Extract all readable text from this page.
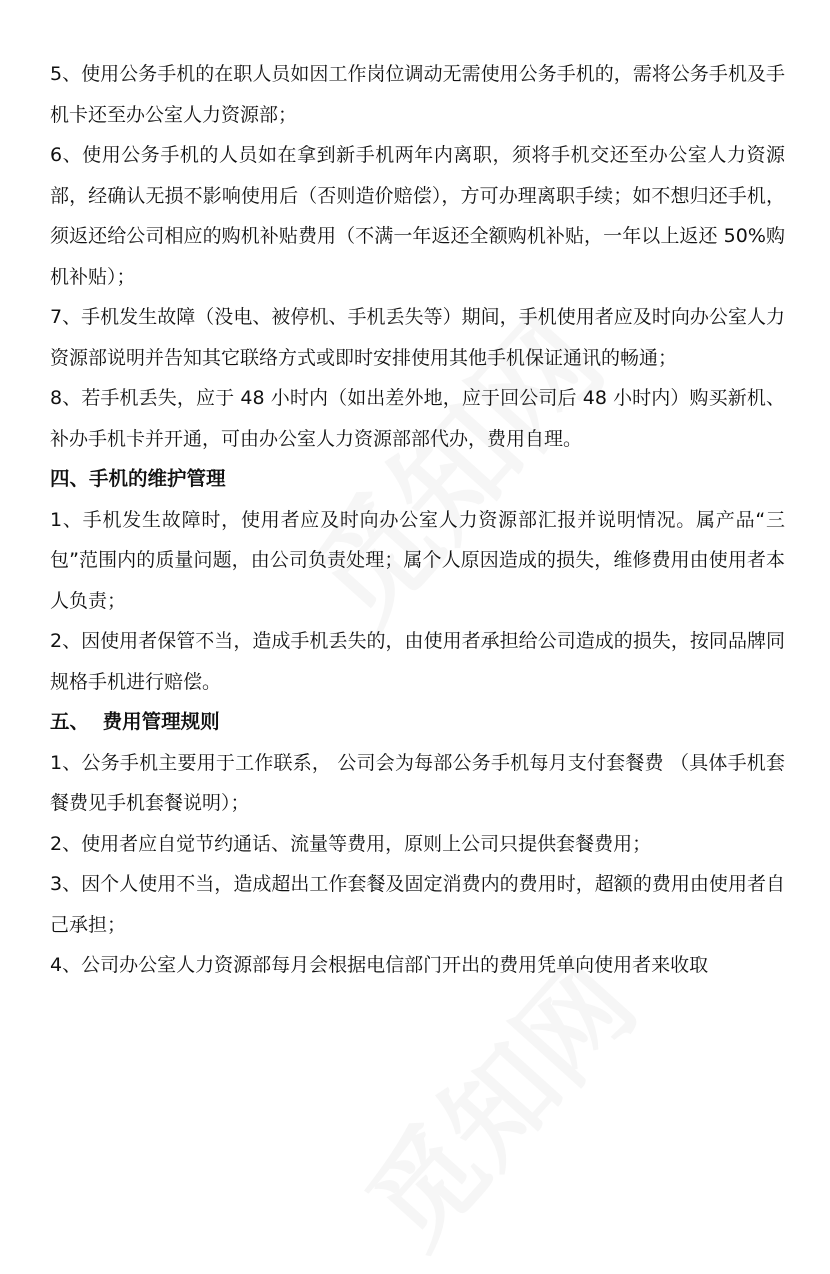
5、使用公务手机的在职人员如因工作岗位调动无需使用公务手机的，需将公务手机及手机卡还至办公室人力资源部；

6、使用公务手机的人员如在拿到新手机两年内离职，须将手机交还至办公室人力资源部，经确认无损不影响使用后（否则造价赔偿），方可办理离职手续；如不想归还手机，须返还给公司相应的购机补贴费用（不满一年返还全额购机补贴，一年以上返还 50%购机补贴）；

7、手机发生故障（没电、被停机、手机丢失等）期间，手机使用者应及时向办公室人力资源部说明并告知其它联络方式或即时安排使用其他手机保证通讯的畅通；

8、若手机丢失，应于 48 小时内（如出差外地，应于回公司后 48 小时内）购买新机、补办手机卡并开通，可由办公室人力资源部部代办，费用自理。

四、手机的维护管理

1、手机发生故障时，使用者应及时向办公室人力资源部汇报并说明情况。属产品“三包”范围内的质量问题，由公司负责处理；属个人原因造成的损失，维修费用由使用者本人负责；

2、因使用者保管不当，造成手机丢失的，由使用者承担给公司造成的损失，按同品牌同规格手机进行赔偿。

五、  费用管理规则

1、公务手机主要用于工作联系， 公司会为每部公务手机每月支付套餐费 （具体手机套餐费见手机套餐说明）；

2、使用者应自觉节约通话、流量等费用，原则上公司只提供套餐费用；

3、因个人使用不当，造成超出工作套餐及固定消费内的费用时，超额的费用由使用者自己承担；

4、公司办公室人力资源部每月会根据电信部门开出的费用凭单向使用者来收取
